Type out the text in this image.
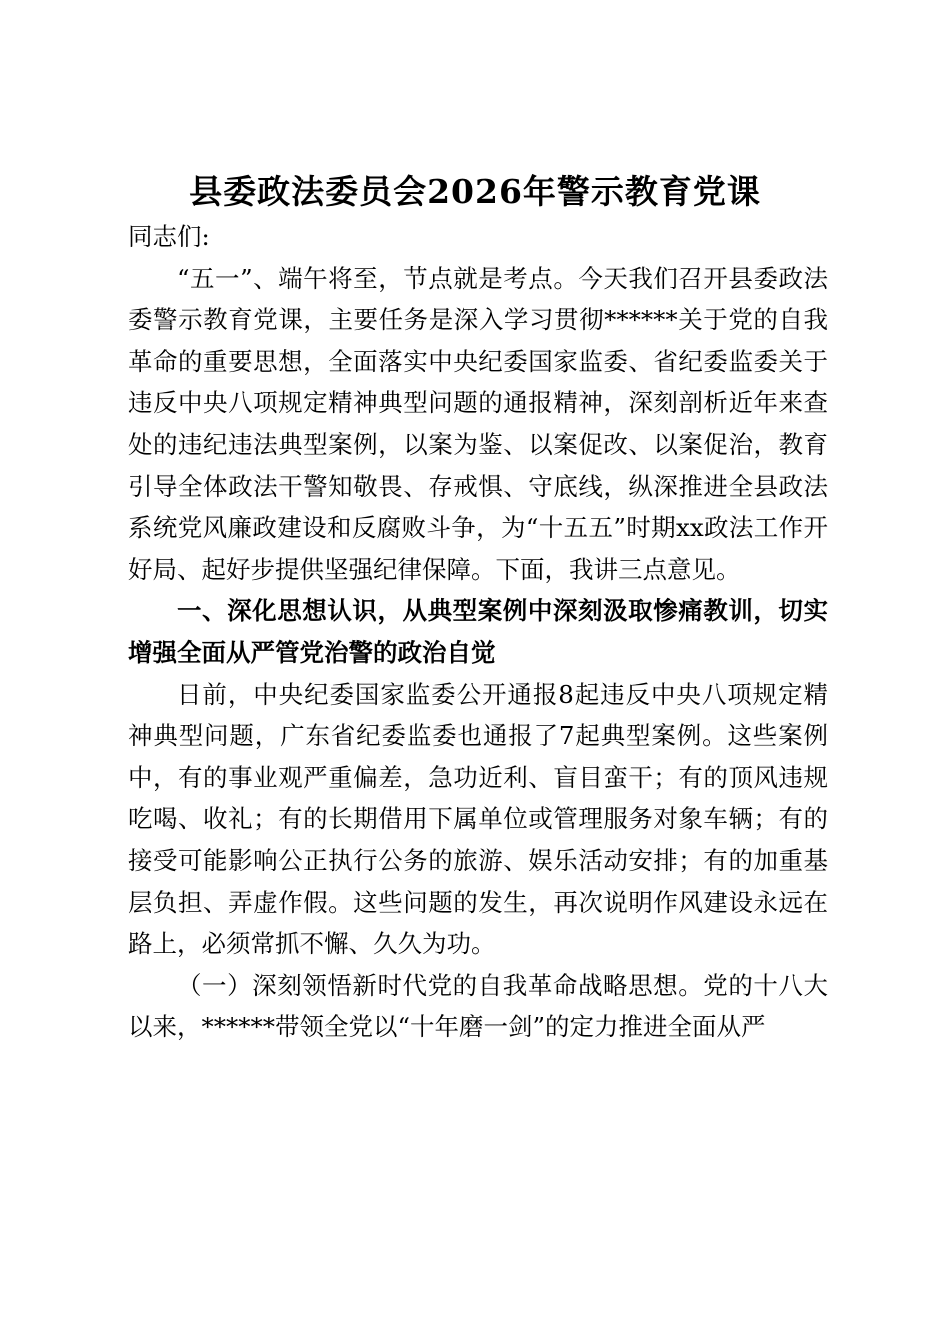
县委政法委员会2026年警示教育党课

同志们:

“五一”、端午将至，节点就是考点。今天我们召开县委政法委警示教育党课，主要任务是深入学习贯彻******关于党的自我革命的重要思想，全面落实中央纪委国家监委、省纪委监委关于违反中央八项规定精神典型问题的通报精神，深刻剖析近年来查处的违纪违法典型案例，以案为鉴、以案促改、以案促治，教育引导全体政法干警知敬畏、存戒惧、守底线，纵深推进全县政法系统党风廉政建设和反腐败斗争，为“十五五”时期xx政法工作开好局、起好步提供坚强纪律保障。下面，我讲三点意见。

一、深化思想认识，从典型案例中深刻汲取惨痛教训，切实增强全面从严管党治警的政治自觉

日前，中央纪委国家监委公开通报8起违反中央八项规定精神典型问题，广东省纪委监委也通报了7起典型案例。这些案例中，有的事业观严重偏差，急功近利、盲目蛮干；有的顶风违规吃喝、收礼；有的长期借用下属单位或管理服务对象车辆；有的接受可能影响公正执行公务的旅游、娱乐活动安排；有的加重基层负担、弄虚作假。这些问题的发生，再次说明作风建设永远在路上，必须常抓不懈、久久为功。

（一）深刻领悟新时代党的自我革命战略思想。党的十八大以来，******带领全党以“十年磨一剑”的定力推进全面从严
